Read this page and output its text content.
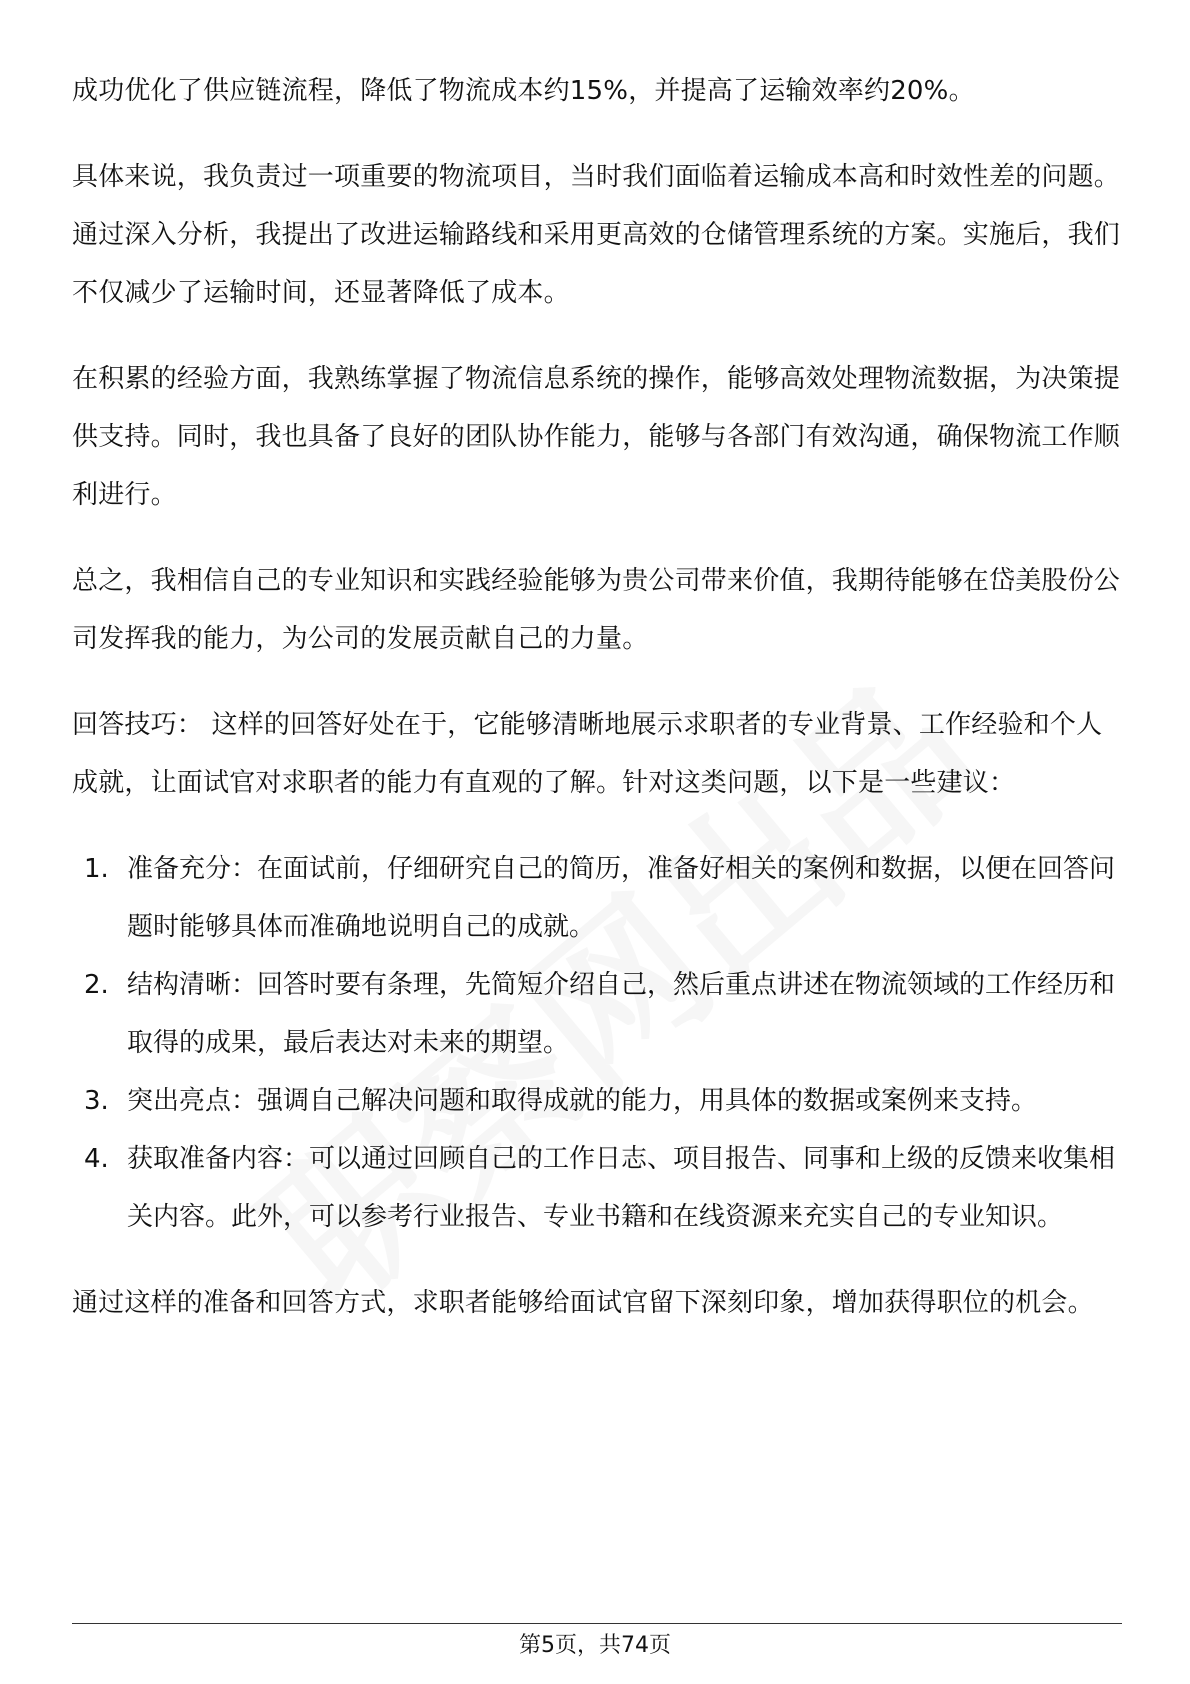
成功优化了供应链流程，降低了物流成本约15%，并提高了运输效率约20%。

具体来说，我负责过一项重要的物流项目，当时我们面临着运输成本高和时效性差的问题。通过深入分析，我提出了改进运输路线和采用更高效的仓储管理系统的方案。实施后，我们不仅减少了运输时间，还显著降低了成本。

在积累的经验方面，我熟练掌握了物流信息系统的操作，能够高效处理物流数据，为决策提供支持。同时，我也具备了良好的团队协作能力，能够与各部门有效沟通，确保物流工作顺利进行。

总之，我相信自己的专业知识和实践经验能够为贵公司带来价值，我期待能够在岱美股份公司发挥我的能力，为公司的发展贡献自己的力量。

回答技巧： 这样的回答好处在于，它能够清晰地展示求职者的专业背景、工作经验和个人成就，让面试官对求职者的能力有直观的了解。针对这类问题，以下是一些建议：

1. 准备充分：在面试前，仔细研究自己的简历，准备好相关的案例和数据，以便在回答问题时能够具体而准确地说明自己的成就。
2. 结构清晰：回答时要有条理，先简短介绍自己，然后重点讲述在物流领域的工作经历和取得的成果，最后表达对未来的期望。
3. 突出亮点：强调自己解决问题和取得成就的能力，用具体的数据或案例来支持。
4. 获取准备内容：可以通过回顾自己的工作日志、项目报告、同事和上级的反馈来收集相关内容。此外，可以参考行业报告、专业书籍和在线资源来充实自己的专业知识。

通过这样的准备和回答方式，求职者能够给面试官留下深刻印象，增加获得职位的机会。

第5页，共74页
